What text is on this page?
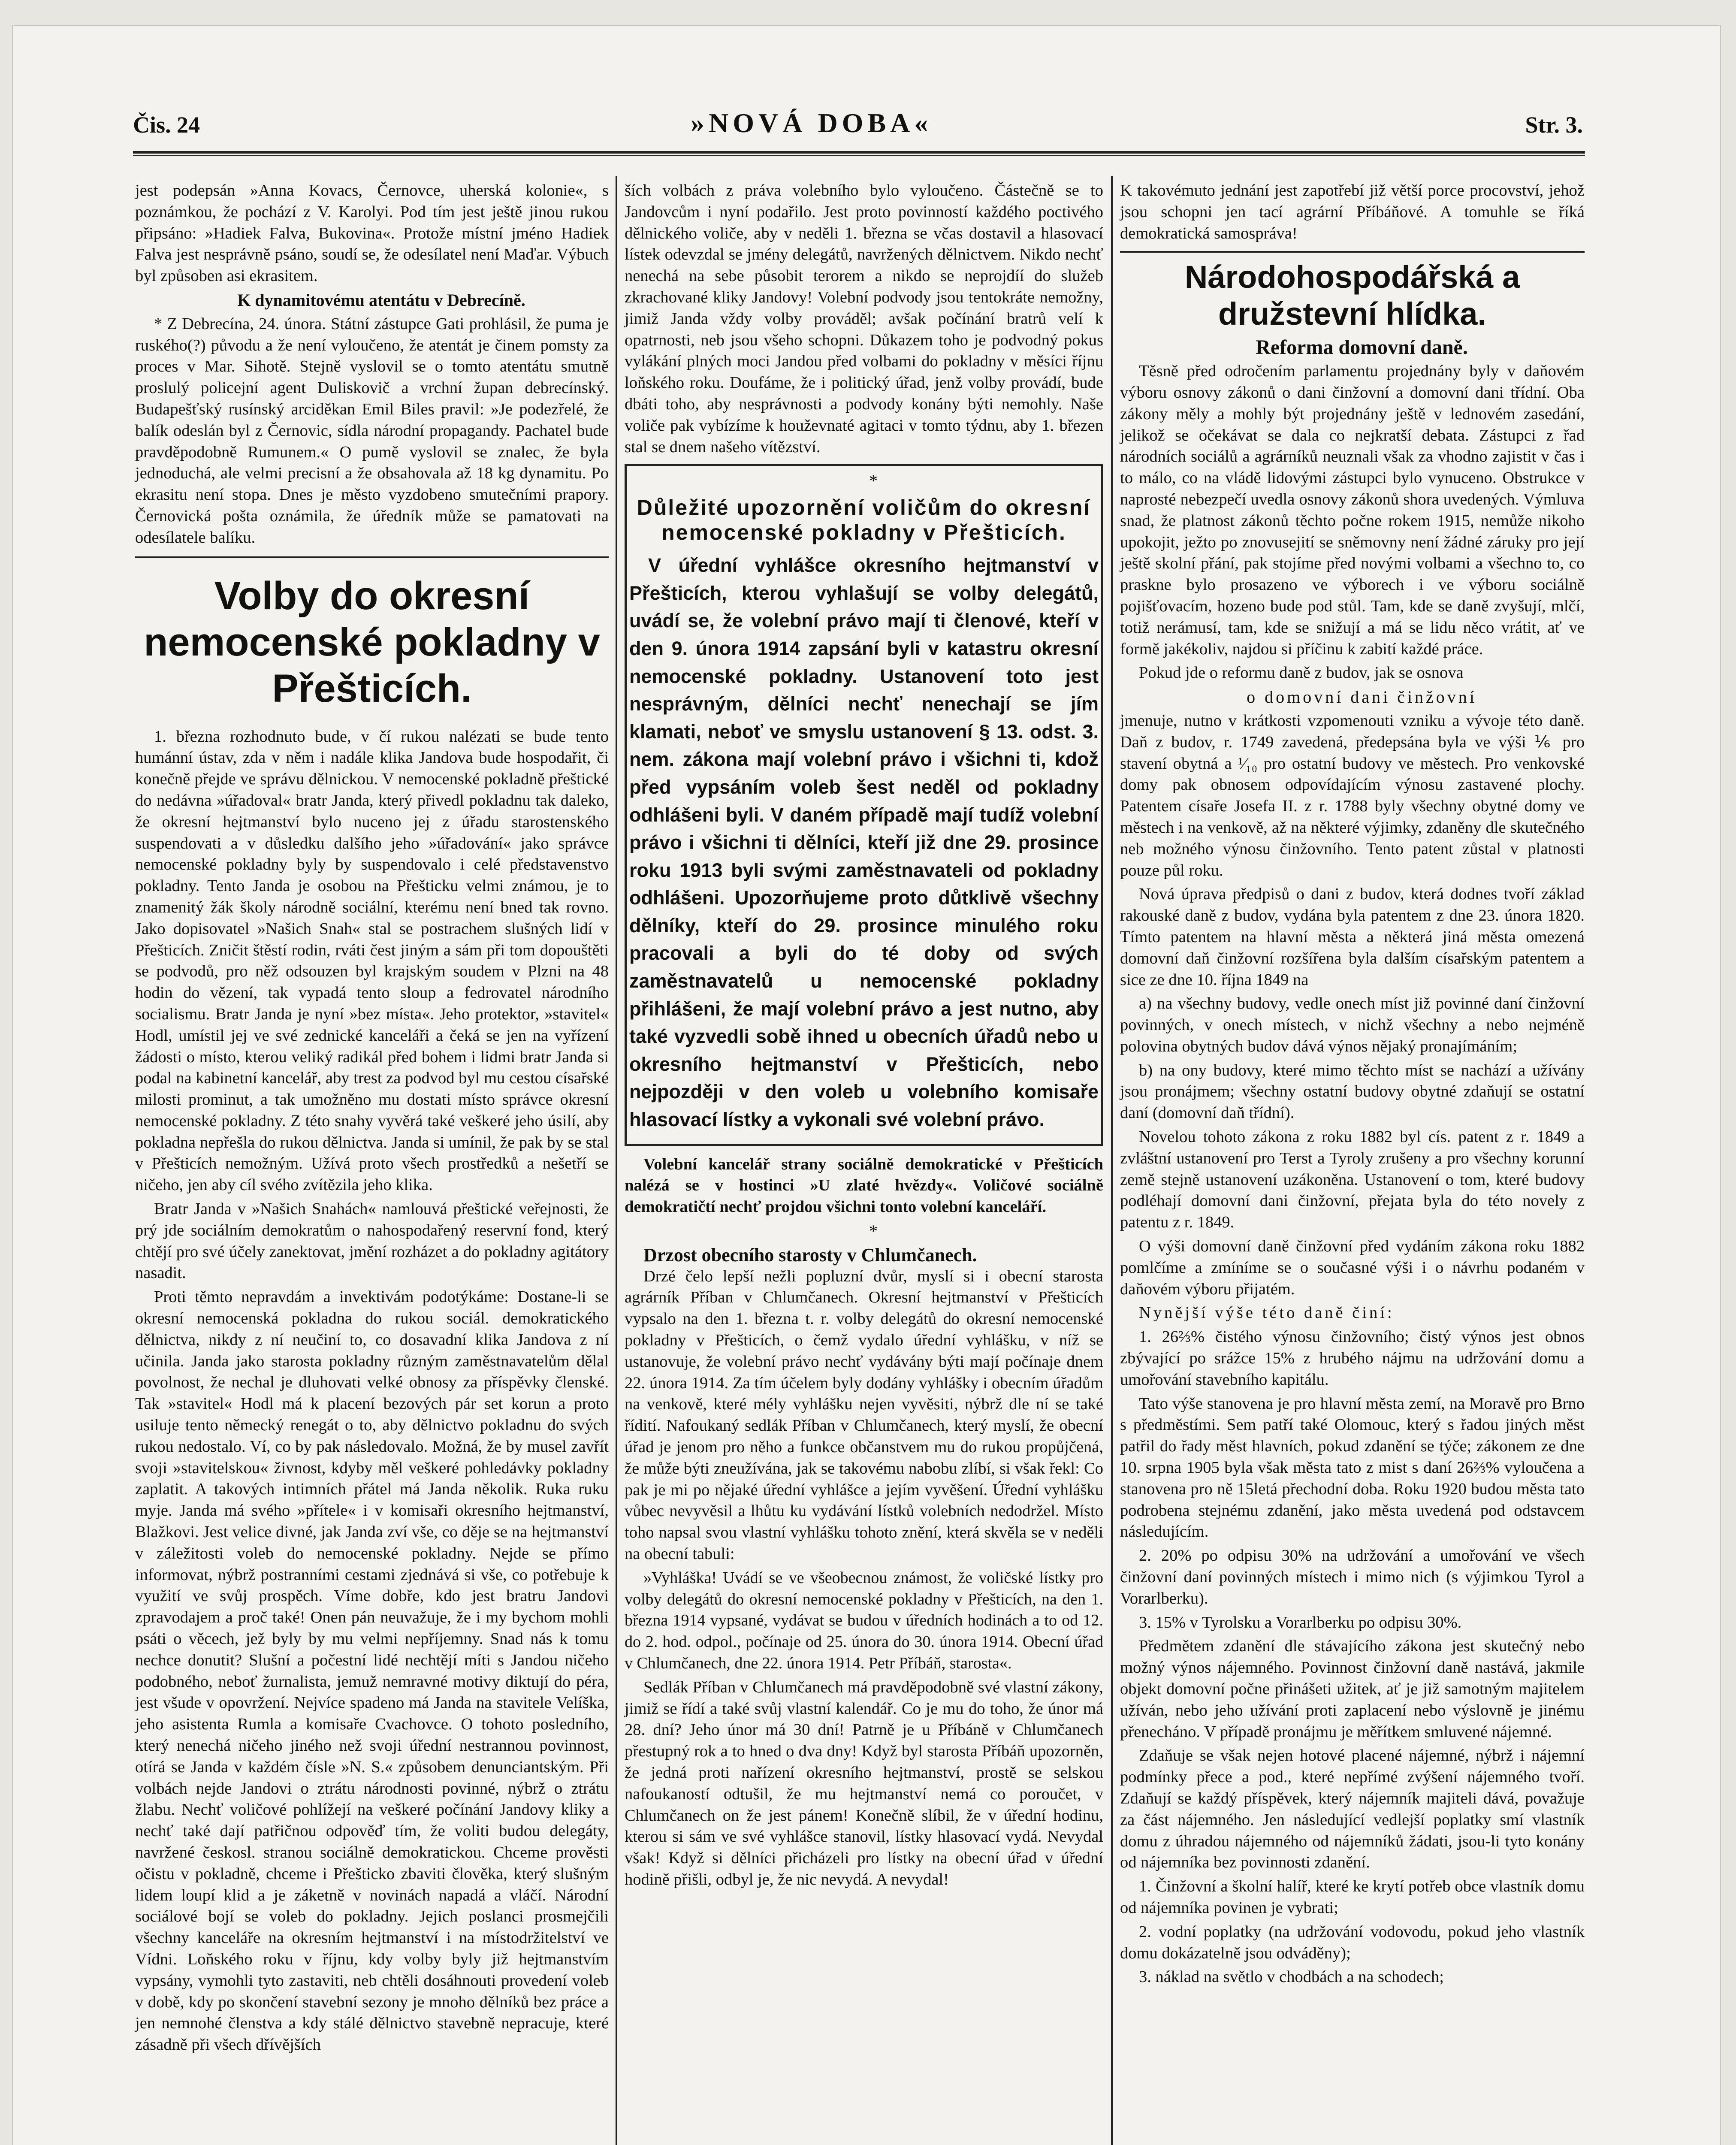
Čis. 24	»NOVÁ DOBA«	Str. 3.

jest podepsán »Anna Kovacs, Černovce, uherská kolonie«, s poznámkou, že pochází z V. Karolyi. Pod tím jest ještě jinou rukou připsáno: »Hadiek Falva, Bukovina«. Protože místní jméno Hadiek Falva jest nesprávně psáno, soudí se, že odesílatel není Maďar. Výbuch byl způsoben asi ekrasitem.

K dynamitovému atentátu v Debrecíně.

* Z Debrecína, 24. února. Státní zástupce Gati prohlásil, že puma je ruského(?) původu a že není vyloučeno, že atentát je činem pomsty za proces v Mar. Sihotě. Stejně vyslovil se o tomto atentátu smutně proslulý policejní agent Duliskovič a vrchní župan debrecínský. Budapešťský rusínský arciděkan Emil Biles pravil: »Je podezřelé, že balík odeslán byl z Černovic, sídla národní propagandy. Pachatel bude pravděpodobně Rumunem.« O pumě vyslovil se znalec, že byla jednoduchá, ale velmi precisní a že obsahovala až 18 kg dynamitu. Po ekrasitu není stopa. Dnes je město vyzdobeno smutečními prapory. Černovická pošta oznámila, že úředník může se pamatovati na odesílatele balíku.

Volby do okresní nemocenské pokladny v Přešticích.

1. března rozhodnuto bude, v čí rukou nalézati se bude tento humánní ústav, zda v něm i nadále klika Jandova bude hospodařit, či konečně přejde ve správu dělnickou. V nemocenské pokladně přeštické do nedávna »úřadoval« bratr Janda, který přivedl pokladnu tak daleko, že okresní hejtmanství bylo nuceno jej z úřadu starostenského suspendovati a v důsledku dalšího jeho »úřadování« jako správce nemocenské pokladny byly by suspendovalo i celé představenstvo pokladny. Tento Janda je osobou na Přešticku velmi známou, je to znamenitý žák školy národně sociální, kterému není bned tak rovno. Jako dopisovatel »Našich Snah« stal se postrachem slušných lidí v Přešticích. Zničit štěstí rodin, rváti čest jiným a sám při tom dopouštěti se podvodů, pro něž odsouzen byl krajským soudem v Plzni na 48 hodin do vězení, tak vypadá tento sloup a fedrovatel národního socialismu. Bratr Janda je nyní »bez místa«. Jeho protektor, »stavitel« Hodl, umístil jej ve své zednické kanceláři a čeká se jen na vyřízení žádosti o místo, kterou veliký radikál před bohem i lidmi bratr Janda si podal na kabinetní kancelář, aby trest za podvod byl mu cestou císařské milosti prominut, a tak umožněno mu dostati místo správce okresní nemocenské pokladny. Z této snahy vyvěrá také veškeré jeho úsilí, aby pokladna nepřešla do rukou dělnictva. Janda si umínil, že pak by se stal v Přešticích nemožným. Užívá proto všech prostředků a nešetří se ničeho, jen aby cíl svého zvítězila jeho klika.

Bratr Janda v »Našich Snahách« namlouvá přeštické veřejnosti, že prý jde sociálním demokratům o nahospodařený reservní fond, který chtějí pro své účely zanektovat, jmění rozházet a do pokladny agitátory nasadit.

Proti těmto nepravdám a invektivám podotýkáme: Dostane-li se okresní nemocenská pokladna do rukou sociál. demokratického dělnictva, nikdy z ní neučiní to, co dosavadní klika Jandova z ní učinila. Janda jako starosta pokladny různým zaměstnavatelům dělal povolnost, že nechal je dluhovati velké obnosy za příspěvky členské. Tak »stavitel« Hodl má k placení bezových pár set korun a proto usiluje tento německý renegát o to, aby dělnictvo pokladnu do svých rukou nedostalo. Ví, co by pak následovalo. Možná, že by musel zavřít svoji »stavitelskou« živnost, kdyby měl veškeré pohledávky pokladny zaplatit. A takových intimních přátel má Janda několik. Ruka ruku myje. Janda má svého »přítele« i v komisaři okresního hejtmanství, Blažkovi. Jest velice divné, jak Janda zví vše, co děje se na hejtmanství v záležitosti voleb do nemocenské pokladny. Nejde se přímo informovat, nýbrž postranními cestami zjednává si vše, co potřebuje k využití ve svůj prospěch. Víme dobře, kdo jest bratru Jandovi zpravodajem a proč také! Onen pán neuvažuje, že i my bychom mohli psáti o věcech, jež byly by mu velmi nepříjemny. Snad nás k tomu nechce donutit? Slušní a počestní lidé nechtějí míti s Jandou ničeho podobného, neboť žurnalista, jemuž nemravné motivy diktují do péra, jest všude v opovržení. Nejvíce spadeno má Janda na stavitele Velíška, jeho asistenta Rumla a komisaře Cvachovce. O tohoto posledního, který nenechá ničeho jiného než svoji úřední nestrannou povinnost, otírá se Janda v každém čísle »N. S.« způsobem denunciantským. Při volbách nejde Jandovi o ztrátu národnosti povinné, nýbrž o ztrátu žlabu. Nechť voličové pohlížejí na veškeré počínání Jandovy kliky a nechť také dají patřičnou odpověď tím, že voliti budou delegáty, navržené českosl. stranou sociálně demokratickou. Chceme prověsti očistu v pokladně, chceme i Přešticko zbaviti člověka, který slušným lidem loupí klid a je záketně v novinách napadá a vláčí. Národní sociálové bojí se voleb do pokladny. Jejich poslanci prosmejčili všechny kanceláře na okresním hejtmanství i na místodržitelství ve Vídni. Loňského roku v říjnu, kdy volby byly již hejtmanstvím vypsány, vymohli tyto zastaviti, neb chtěli dosáhnouti provedení voleb v době, kdy po skončení stavební sezony je mnoho dělníků bez práce a jen nemnohé členstva a kdy stálé dělnictvo stavebně nepracuje, které zásadně při všech dřívějších

ších volbách z práva volebního bylo vyloučeno. Částečně se to Jandovcům i nyní podařilo. Jest proto povinností každého poctivého dělnického voliče, aby v neděli 1. března se včas dostavil a hlasovací lístek odevzdal se jmény delegátů, navržených dělnictvem. Nikdo nechť nenechá na sebe působit terorem a nikdo se neprojdíí do služeb zkrachované kliky Jandovy! Volební podvody jsou tentokráte nemožny, jimiž Janda vždy volby prováděl; avšak počínání bratrů velí k opatrnosti, neb jsou všeho schopni. Důkazem toho je podvodný pokus vylákání plných moci Jandou před volbami do pokladny v měsíci říjnu loňského roku. Doufáme, že i politický úřad, jenž volby provádí, bude dbáti toho, aby nesprávnosti a podvody konány býti nemohly. Naše voliče pak vybízíme k houževnaté agitaci v tomto týdnu, aby 1. březen stal se dnem našeho vítězství.

*

Důležité upozornění voličům do okresní nemocenské pokladny v Přešticích.

V úřední vyhlášce okresního hejtmanství v Přešticích, kterou vyhlašují se volby delegátů, uvádí se, že volební právo mají ti členové, kteří v den 9. února 1914 zapsání byli v katastru okresní nemocenské pokladny. Ustanovení toto jest nesprávným, dělníci nechť nenechají se jím klamati, neboť ve smyslu ustanovení § 13. odst. 3. nem. zákona mají volební právo i všichni ti, kdož před vypsáním voleb šest neděl od pokladny odhlášeni byli. V daném případě mají tudíž volební právo i všichni ti dělníci, kteří již dne 29. prosince roku 1913 byli svými zaměstnavateli od pokladny odhlášeni. Upozorňujeme proto důtklivě všechny dělníky, kteří do 29. prosince minulého roku pracovali a byli do té doby od svých zaměstnavatelů u nemocenské pokladny přihlášeni, že mají volební právo a jest nutno, aby také vyzvedli sobě ihned u obecních úřadů nebo u okresního hejtmanství v Přešticích, nebo nejpozději v den voleb u volebního komisaře hlasovací lístky a vykonali své volební právo.

Volební kancelář strany sociálně demokratické v Přešticích nalézá se v hostinci »U zlaté hvězdy«. Voličové sociálně demokratičtí nechť projdou všichni tonto volební kanceláří.

*

Drzost obecního starosty v Chlumčanech.

Drzé čelo lepší nežli popluzní dvůr, myslí si i obecní starosta agrárník Příban v Chlumčanech. Okresní hejtmanství v Přešticích vypsalo na den 1. března t. r. volby delegátů do okresní nemocenské pokladny v Přešticích, o čemž vydalo úřední vyhlášku, v níž se ustanovuje, že volební právo nechť vydávány býti mají počínaje dnem 22. února 1914. Za tím účelem byly dodány vyhlášky i obecním úřadům na venkově, které mély vyhlášku nejen vyvěsiti, nýbrž dle ní se také řídití. Nafoukaný sedlák Příban v Chlumčanech, který myslí, že obecní úřad je jenom pro něho a funkce občanstvem mu do rukou propůjčená, že může býti zneužívána, jak se takovému nabobu zlíbí, si však řekl: Co pak je mi po nějaké úřední vyhlášce a jejím vyvěšení. Úřední vyhlášku vůbec nevyvěsil a lhůtu ku vydávání lístků volebních nedodržel. Místo toho napsal svou vlastní vyhlášku tohoto znění, která skvěla se v neděli na obecní tabuli:

»Vyhláška! Uvádí se ve všeobecnou známost, že voličské lístky pro volby delegátů do okresní nemocenské pokladny v Přešticích, na den 1. března 1914 vypsané, vydávat se budou v úředních hodinách a to od 12. do 2. hod. odpol., počínaje od 25. února do 30. února 1914. Obecní úřad v Chlumčanech, dne 22. února 1914. Petr Příbáň, starosta«.

Sedlák Příban v Chlumčanech má pravděpodobně své vlastní zákony, jimiž se řídí a také svůj vlastní kalendář. Co je mu do toho, že únor má 28. dní? Jeho únor má 30 dní! Patrně je u Příbáně v Chlumčanech přestupný rok a to hned o dva dny! Když byl starosta Příbáň upozorněn, že jedná proti nařízení okresního hejtmanství, prostě se selskou nafoukaností odtušil, že mu hejtmanství nemá co poroučet, v Chlumčanech on že jest pánem! Konečně slíbil, že v úřední hodinu, kterou si sám ve své vyhlášce stanovil, lístky hlasovací vydá. Nevydal však! Když si dělníci přicházeli pro lístky na obecní úřad v úřední hodině přišli, odbyl je, že nic nevydá. A nevydal!

K takovémuto jednání jest zapotřebí již větší porce procovství, jehož jsou schopni jen tací agrární Příbáňové. A tomuhle se říká demokratická samospráva!

Národohospodářská a družstevní hlídka.

Reforma domovní daně.

Těsně před odročením parlamentu projednány byly v daňovém výboru osnovy zákonů o dani činžovní a domovní dani třídní. Oba zákony měly a mohly být projednány ještě v lednovém zasedání, jelikož se očekávat se dala co nejkratší debata. Zástupci z řad národních sociálů a agrárníků neuznali však za vhodno zajistit v čas i to málo, co na vládě lidovými zástupci bylo vynuceno. Obstrukce v naprosté nebezpečí uvedla osnovy zákonů shora uvedených. Výmluva snad, že platnost zákonů těchto počne rokem 1915, nemůže nikoho upokojit, ježto po znovusejití se sněmovny není žádné záruky pro její ještě skolní přání, pak stojíme před novými volbami a všechno to, co praskne bylo prosazeno ve výborech i ve výboru sociálně pojišťovacím, hozeno bude pod stůl. Tam, kde se daně zvyšují, mlčí, totiž nerámusí, tam, kde se snižují a má se lidu něco vrátit, ať ve formě jakékoliv, najdou si příčinu k zabití každé práce.

Pokud jde o reformu daně z budov, jak se osnova

o domovní dani činžovní

jmenuje, nutno v krátkosti vzpomenouti vzniku a vývoje této daně. Daň z budov, r. 1749 zavedená, předepsána byla ve výši ⅙ pro stavení obytná a ¹⁄₁₀ pro ostatní budovy ve městech. Pro venkovské domy pak obnosem odpovídajícím výnosu zastavené plochy. Patentem císaře Josefa II. z r. 1788 byly všechny obytné domy ve městech i na venkově, až na některé výjimky, zdaněny dle skutečného neb možného výnosu činžovního. Tento patent zůstal v platnosti pouze půl roku.

Nová úprava předpisů o dani z budov, která dodnes tvoří základ rakouské daně z budov, vydána byla patentem z dne 23. února 1820. Tímto patentem na hlavní města a některá jiná města omezená domovní daň činžovní rozšířena byla dalším císařským patentem a sice ze dne 10. října 1849 na

a) na všechny budovy, vedle onech míst již povinné daní činžovní povinných, v onech místech, v nichž všechny a nebo nejméně polovina obytných budov dává výnos nějaký pronajímáním;

b) na ony budovy, které mimo těchto míst se nachází a užívány jsou pronájmem; všechny ostatní budovy obytné zdaňují se ostatní daní (domovní daň třídní).

Novelou tohoto zákona z roku 1882 byl cís. patent z r. 1849 a zvláštní ustanovení pro Terst a Tyroly zrušeny a pro všechny korunní země stejně ustanovení uzákoněna. Ustanovení o tom, které budovy podléhají domovní dani činžovní, přejata byla do této novely z patentu z r. 1849.

O výši domovní daně činžovní před vydáním zákona roku 1882 pomlčíme a zmíníme se o současné výši i o návrhu podaném v daňovém výboru přijatém.

Nynější výše této daně činí:

1. 26⅔% čistého výnosu činžovního; čistý výnos jest obnos zbývající po srážce 15% z hrubého nájmu na udržování domu a umořování stavebního kapitálu.

Tato výše stanovena je pro hlavní města zemí, na Moravě pro Brno s předměstími. Sem patří také Olomouc, který s řadou jiných měst patřil do řady měst hlavních, pokud zdanění se týče; zákonem ze dne 10. srpna 1905 byla však města tato z mist s daní 26⅔% vyloučena a stanovena pro ně 15letá přechodní doba. Roku 1920 budou města tato podrobena stejnému zdanění, jako města uvedená pod odstavcem následujícím.

2. 20% po odpisu 30% na udržování a umořování ve všech činžovní daní povinných místech i mimo nich (s výjimkou Tyrol a Vorarlberku).

3. 15% v Tyrolsku a Vorarlberku po odpisu 30%.

Předmětem zdanění dle stávajícího zákona jest skutečný nebo možný výnos nájemného. Povinnost činžovní daně nastává, jakmile objekt domovní počne přinášeti užitek, ať je již samotným majitelem užíván, nebo jeho užívání proti zaplacení nebo výslovně je jinému přenecháno. V případě pronájmu je měřítkem smluvené nájemné.

Zdaňuje se však nejen hotové placené nájemné, nýbrž i nájemní podmínky přece a pod., které nepřímé zvýšení nájemného tvoří. Zdaňují se každý příspěvek, který nájemník majiteli dává, považuje za část nájemného. Jen následující vedlejší poplatky smí vlastník domu z úhradou nájemného od nájemníků žádati, jsou-li tyto konány od nájemníka bez povinnosti zdanění.

1. Činžovní a školní halíř, které ke krytí potřeb obce vlastník domu od nájemníka povinen je vybrati;

2. vodní poplatky (na udržování vodovodu, pokud jeho vlastník domu dokázatelně jsou odváděny);

3. náklad na světlo v chodbách a na schodech;
